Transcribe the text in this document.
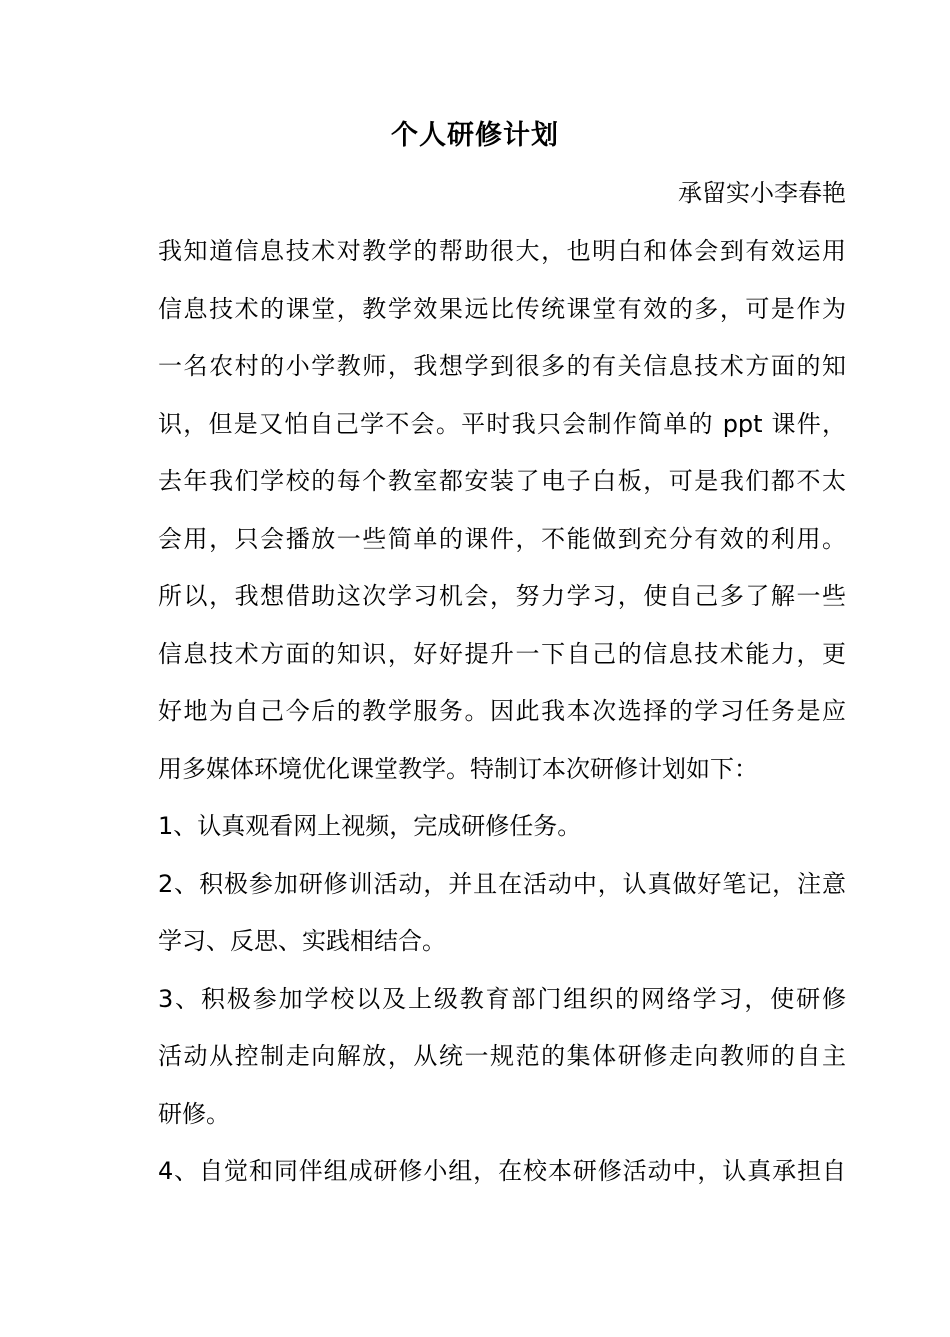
个人研修计划
承留实小李春艳
我知道信息技术对教学的帮助很大，也明白和体会到有效运用
信息技术的课堂，教学效果远比传统课堂有效的多，可是作为
一名农村的小学教师，我想学到很多的有关信息技术方面的知
识，但是又怕自己学不会。平时我只会制作简单的 ppt 课件，
去年我们学校的每个教室都安装了电子白板，可是我们都不太
会用，只会播放一些简单的课件，不能做到充分有效的利用。
所以，我想借助这次学习机会，努力学习，使自己多了解一些
信息技术方面的知识，好好提升一下自己的信息技术能力，更
好地为自己今后的教学服务。因此我本次选择的学习任务是应
用多媒体环境优化课堂教学。特制订本次研修计划如下：
1、认真观看网上视频，完成研修任务。
2、积极参加研修训活动，并且在活动中，认真做好笔记，注意
学习、反思、实践相结合。
3、积极参加学校以及上级教育部门组织的网络学习，使研修
活动从控制走向解放，从统一规范的集体研修走向教师的自主
研修。
4、自觉和同伴组成研修小组，在校本研修活动中，认真承担自
